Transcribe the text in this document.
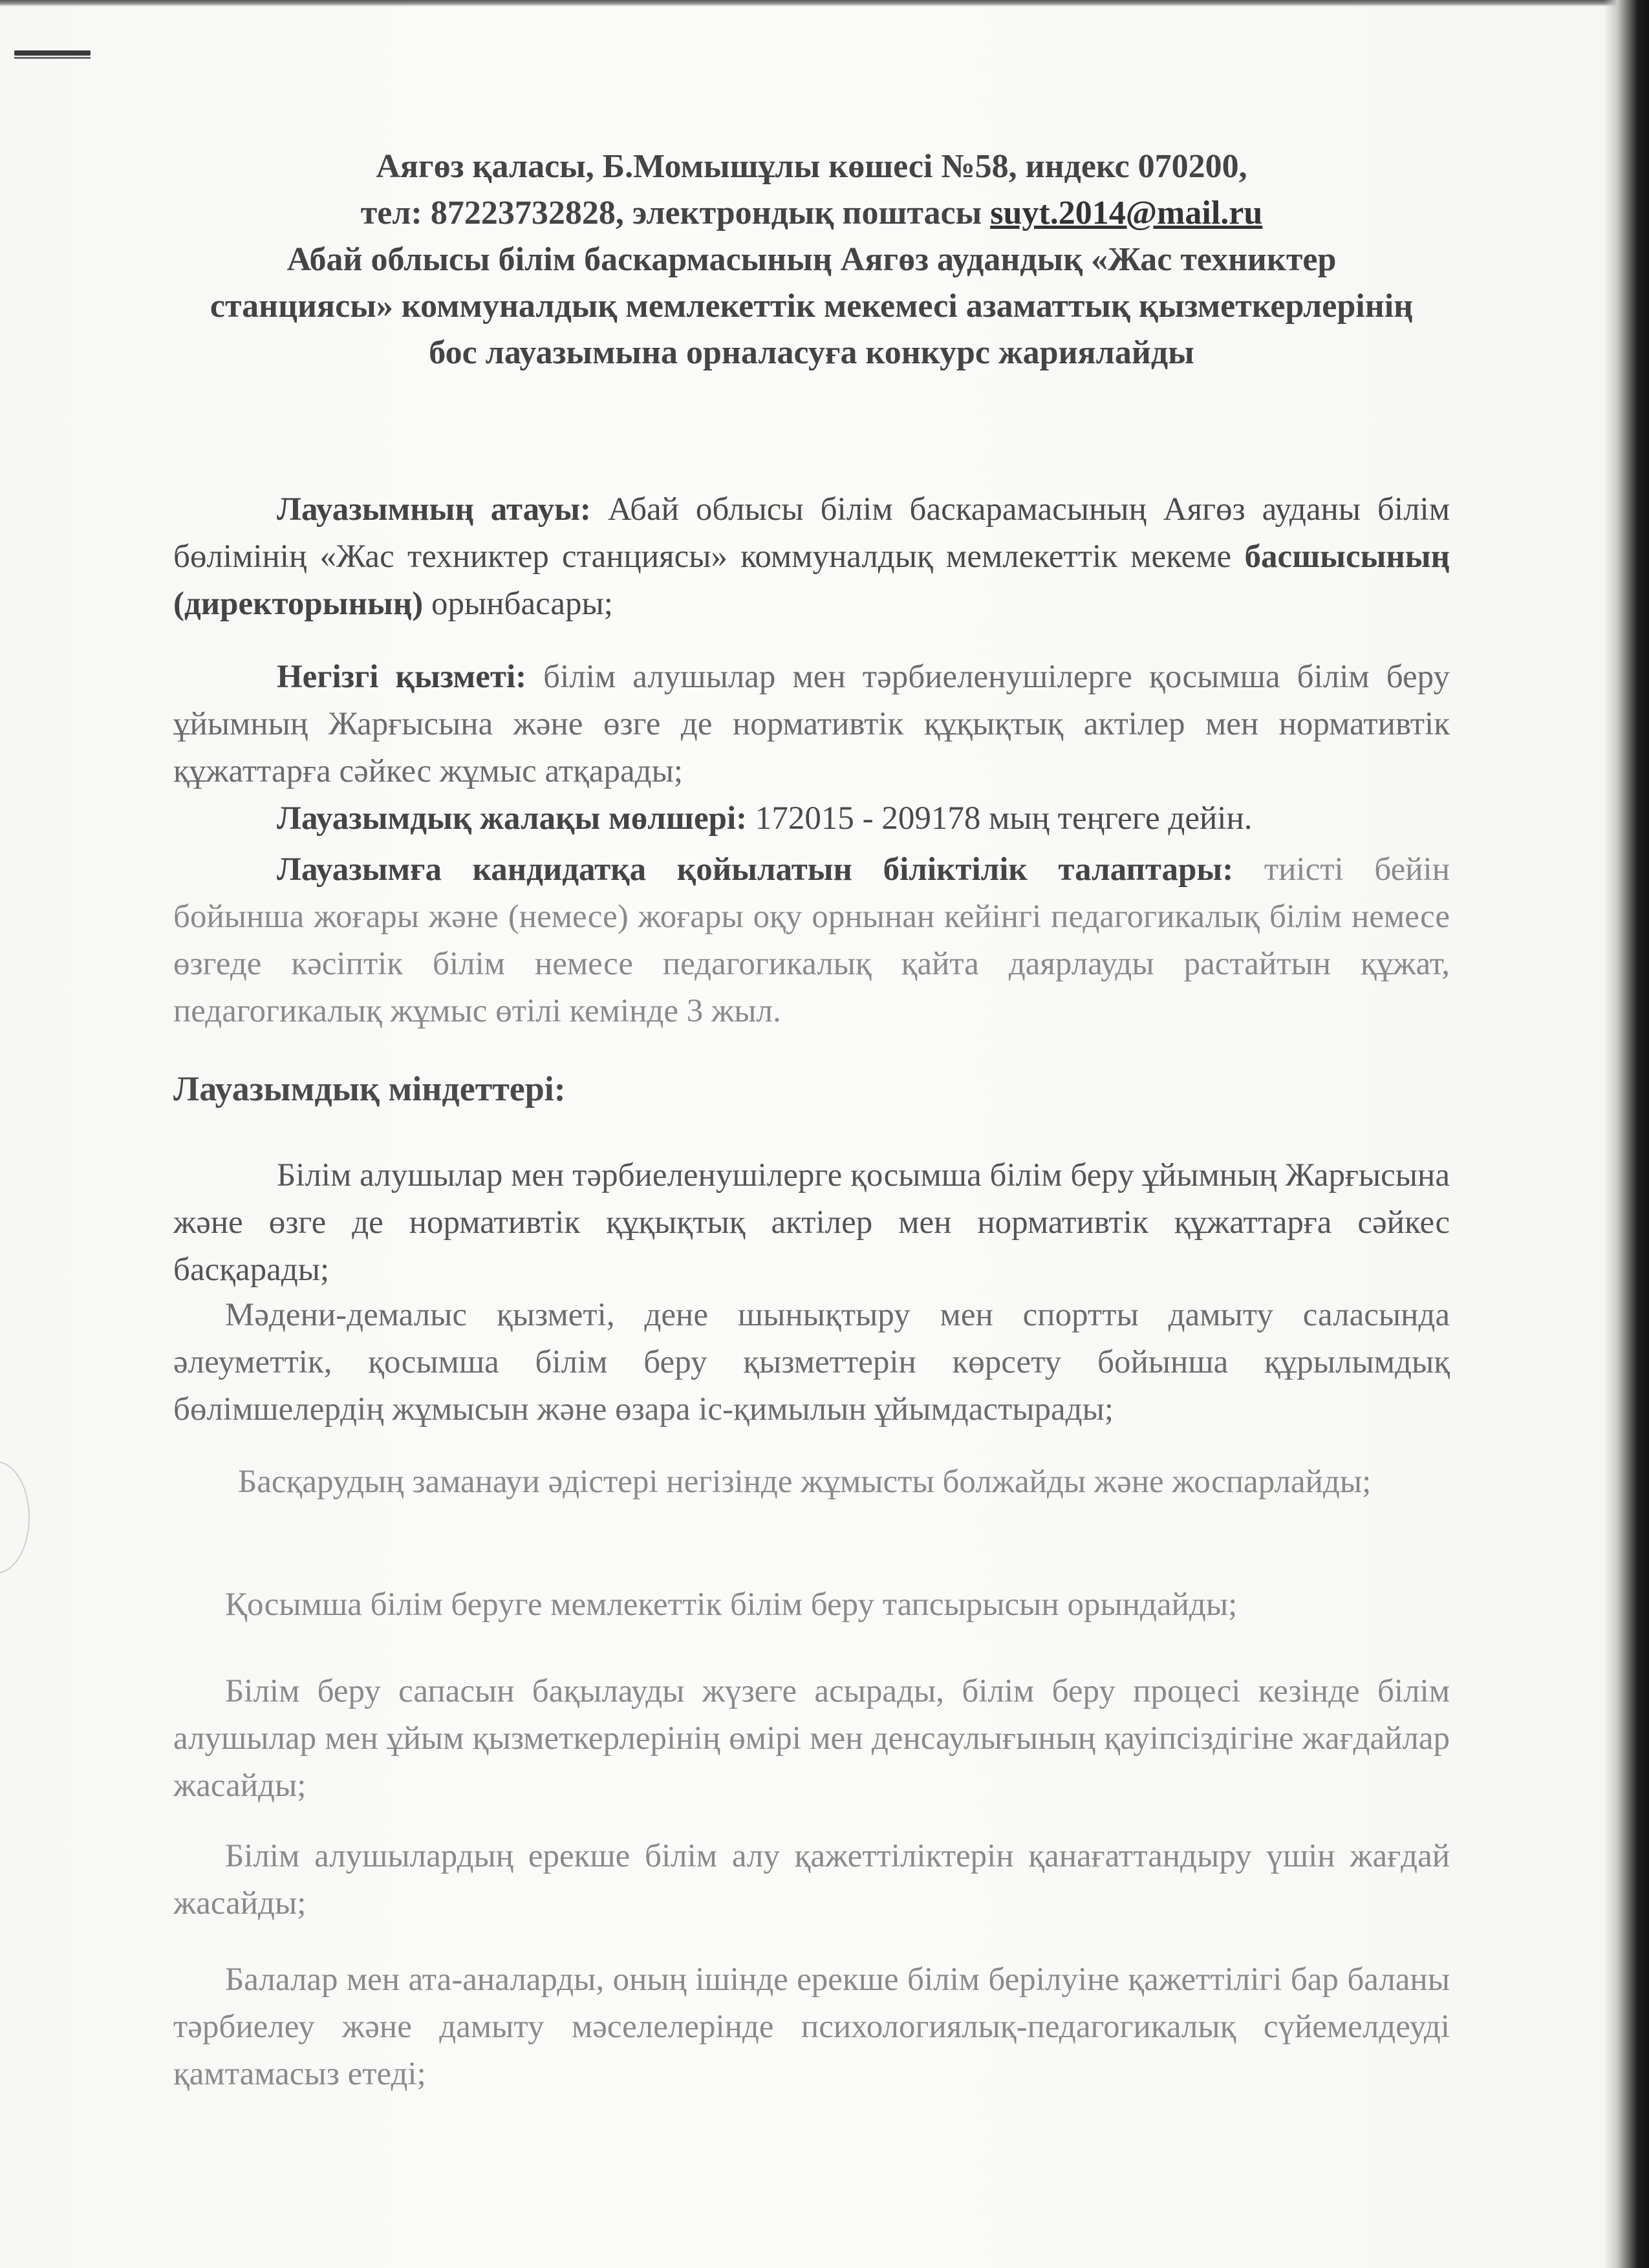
Аягөз қаласы, Б.Момышұлы көшесі №58, индекс 070200,
тел: 87223732828, электрондық поштасы suyt.2014@mail.ru
Абай облысы білім баскармасының Аягөз аудандық «Жас техниктер станциясы» коммуналдық мемлекеттік мекемесі азаматтық қызметкерлерінің бос лауазымына орналасуға конкурс жариялайды

Лауазымның атауы: Абай облысы білім баскарамасының Аягөз ауданы білім бөлімінің «Жас техниктер станциясы» коммуналдық мемлекеттік мекеме басшысының (директорының) орынбасары;

Негізгі қызметі: білім алушылар мен тәрбиеленушілерге қосымша білім беру ұйымның Жарғысына және өзге де нормативтік құқықтық актілер мен нормативтік құжаттарға сәйкес жұмыс атқарады;

Лауазымдық жалақы мөлшері: 172015 - 209178 мың теңгеге дейін.

Лауазымға кандидатқа қойылатын біліктілік талаптары: тиісті бейін бойынша жоғары және (немесе) жоғары оқу орнынан кейінгі педагогикалық білім немесе өзгеде кәсіптік білім немесе педагогикалық қайта даярлауды растайтын құжат, педагогикалық жұмыс өтілі кемінде 3 жыл.

Лауазымдық міндеттері:

Білім алушылар мен тәрбиеленушілерге қосымша білім беру ұйымның Жарғысына және өзге де нормативтік құқықтық актілер мен нормативтік құжаттарға сәйкес басқарады;

Мәдени-демалыс қызметі, дене шынықтыру мен спортты дамыту саласында әлеуметтік, қосымша білім беру қызметтерін көрсету бойынша құрылымдық бөлімшелердің жұмысын және өзара іс-қимылын ұйымдастырады;

Басқарудың заманауи әдістері негізінде жұмысты болжайды және жоспарлайды;

Қосымша білім беруге мемлекеттік білім беру тапсырысын орындайды;

Білім беру сапасын бақылауды жүзеге асырады, білім беру процесі кезінде білім алушылар мен ұйым қызметкерлерінің өмірі мен денсаулығының қауіпсіздігіне жағдайлар жасайды;

Білім алушылардың ерекше білім алу қажеттіліктерін қанағаттандыру үшін жағдай жасайды;

Балалар мен ата-аналарды, оның ішінде ерекше білім берілуіне қажеттілігі бар баланы тәрбиелеу және дамыту мәселелерінде психологиялық-педагогикалық сүйемелдеуді қамтамасыз етеді;
